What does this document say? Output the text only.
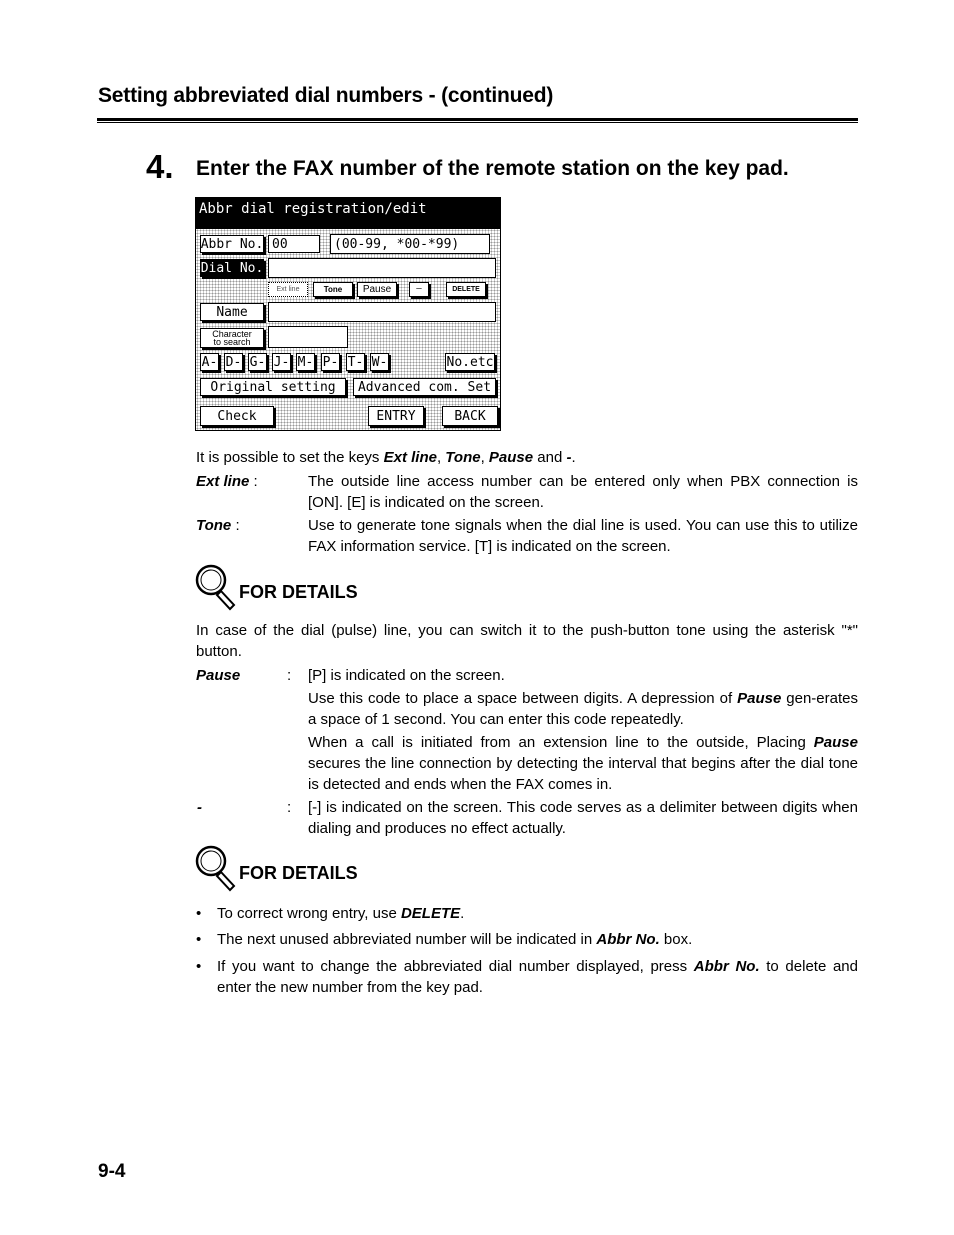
Setting abbreviated dial numbers - (continued)
4. Enter the FAX number of the remote station on the key pad.
Abbr dial registration/edit
Abbr No. 00	(00-99, *00-*99)
Dial No.
Ext line	Tone	Pause	—	DELETE
Name
Character
to search
A- D- G- J- M- P- T- W-	No.etc
Original setting	Advanced com. Set
Check	ENTRY	BACK
It is possible to set the keys Ext line, Tone, Pause and -.
Ext line :	The outside line access number can be entered only when PBX connection is [ON]. [E] is indicated on the screen.
Tone :	Use to generate tone signals when the dial line is used. You can use this to utilize FAX information service. [T] is indicated on the screen.
FOR DETAILS
In case of the dial (pulse) line, you can switch it to the push-button tone using the asterisk "*" button.
Pause	: [P] is indicated on the screen.
Use this code to place a space between digits. A depression of Pause gen-erates a space of 1 second. You can enter this code repeatedly.
When a call is initiated from an extension line to the outside, Placing Pause secures the line connection by detecting the interval that begins after the dial tone is detected and ends when the FAX comes in.
-	: [-] is indicated on the screen. This code serves as a delimiter between digits when dialing and produces no effect actually.
FOR DETAILS
• To correct wrong entry, use DELETE.
• The next unused abbreviated number will be indicated in Abbr No. box.
• If you want to change the abbreviated dial number displayed, press Abbr No. to delete and enter the new number from the key pad.
9-4
